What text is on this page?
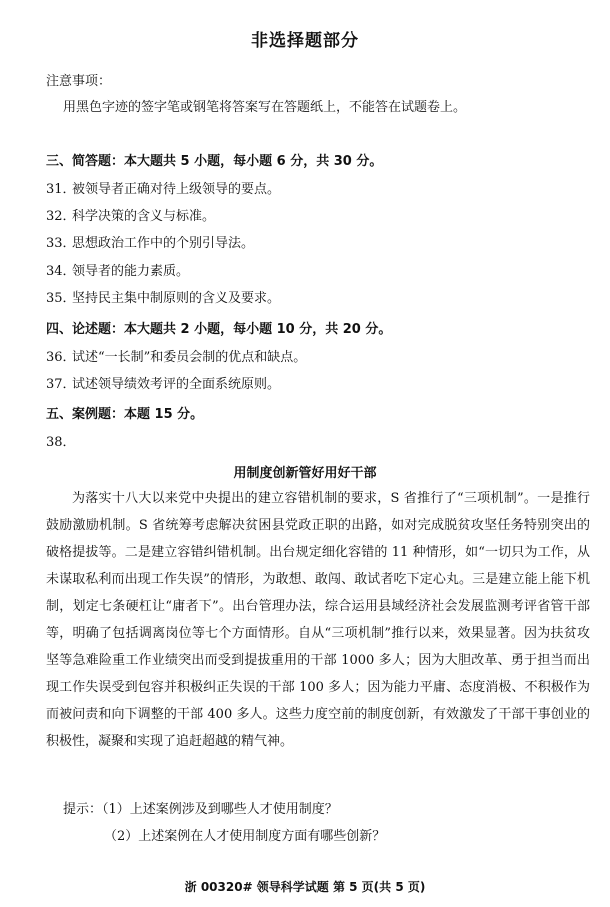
非选择题部分
注意事项：
用黑色字迹的签字笔或钢笔将答案写在答题纸上，不能答在试题卷上。
三、简答题：本大题共 5 小题，每小题 6 分，共 30 分。
31．被领导者正确对待上级领导的要点。
32．科学决策的含义与标准。
33．思想政治工作中的个别引导法。
34．领导者的能力素质。
35．坚持民主集中制原则的含义及要求。
四、论述题：本大题共 2 小题，每小题 10 分，共 20 分。
36．试述“一长制”和委员会制的优点和缺点。
37．试述领导绩效考评的全面系统原则。
五、案例题：本题 15 分。
38．
用制度创新管好用好干部

为落实十八大以来党中央提出的建立容错机制的要求，S 省推行了“三项机制”。一是推行鼓励激励机制。S 省统筹考虑解决贫困县党政正职的出路，如对完成脱贫攻坚任务特别突出的破格提拔等。二是建立容错纠错机制。出台规定细化容错的 11 种情形，如“一切只为工作，从未谋取私利而出现工作失误”的情形，为敢想、敢闯、敢试者吃下定心丸。三是建立能上能下机制，划定七条硬杠让“庸者下”。出台管理办法，综合运用县域经济社会发展监测考评省管干部等，明确了包括调离岗位等七个方面情形。自从“三项机制”推行以来，效果显著。因为扶贫攻坚等急难险重工作业绩突出而受到提拔重用的干部 1000 多人；因为大胆改革、勇于担当而出现工作失误受到包容并积极纠正失误的干部 100 多人；因为能力平庸、态度消极、不积极作为而被问责和向下调整的干部 400 多人。这些力度空前的制度创新，有效激发了干部干事创业的积极性，凝聚和实现了追赶超越的精气神。

提示：（1）上述案例涉及到哪些人才使用制度？
（2）上述案例在人才使用制度方面有哪些创新？
浙 00320# 领导科学试题 第 5 页(共 5 页)
